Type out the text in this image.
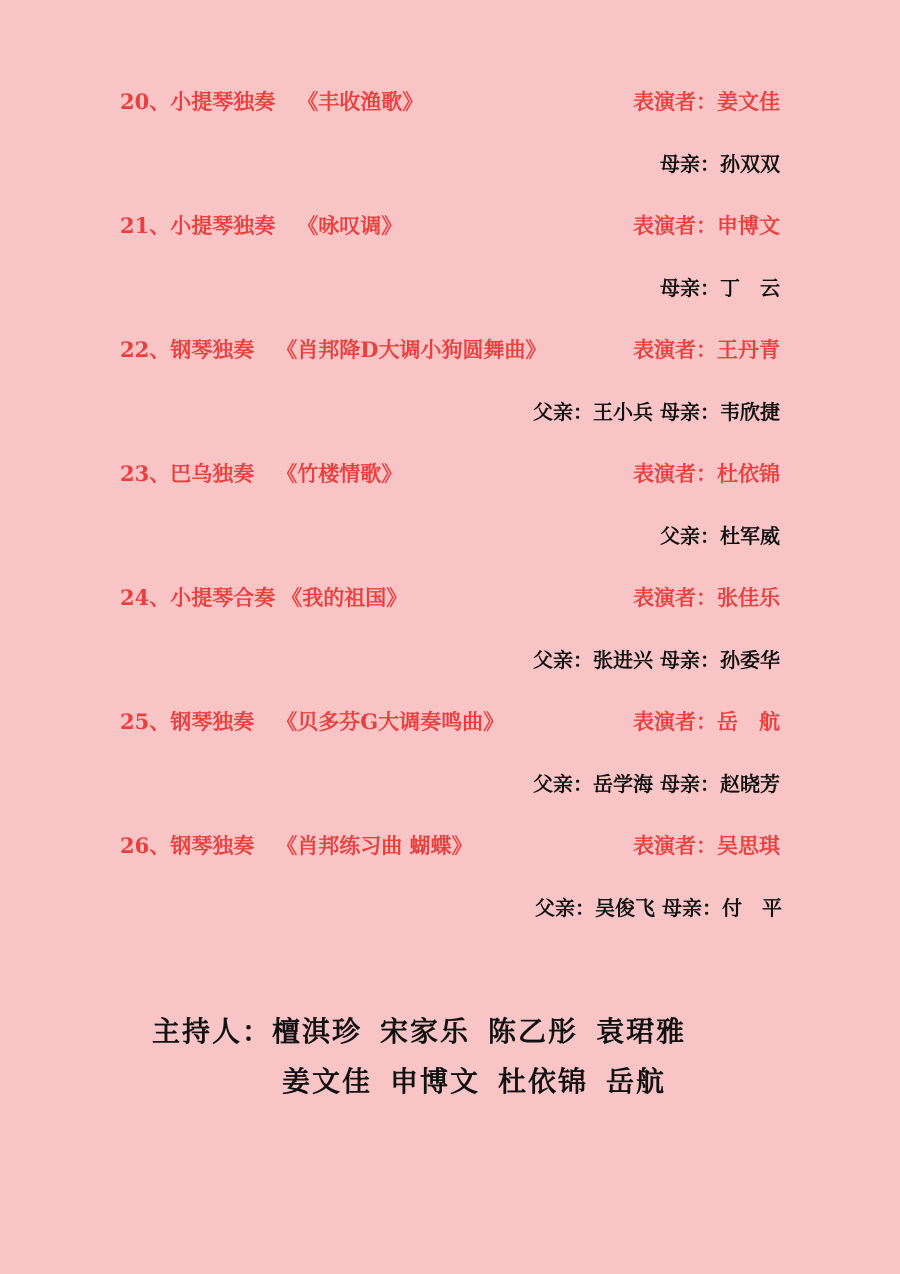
20、小提琴独奏 《丰收渔歌》	表演者：姜文佳
母亲：孙双双
21、小提琴独奏 《咏叹调》	表演者：申博文
母亲：丁　云
22、钢琴独奏 《肖邦降D大调小狗圆舞曲》	表演者：王丹青
父亲：王小兵 母亲：韦欣捷
23、巴乌独奏 《竹楼情歌》	表演者：杜依锦
父亲：杜军威
24、小提琴合奏 《我的祖国》	表演者：张佳乐
父亲：张进兴 母亲：孙委华
25、钢琴独奏 《贝多芬G大调奏鸣曲》	表演者：岳　航
父亲：岳学海 母亲：赵晓芳
26、钢琴独奏 《肖邦练习曲 蝴蝶》	表演者：吴思琪
父亲：吴俊飞 母亲：付　平
主持人：檀淇珍 宋家乐 陈乙彤 袁珺雅
姜文佳 申博文 杜依锦 岳航
